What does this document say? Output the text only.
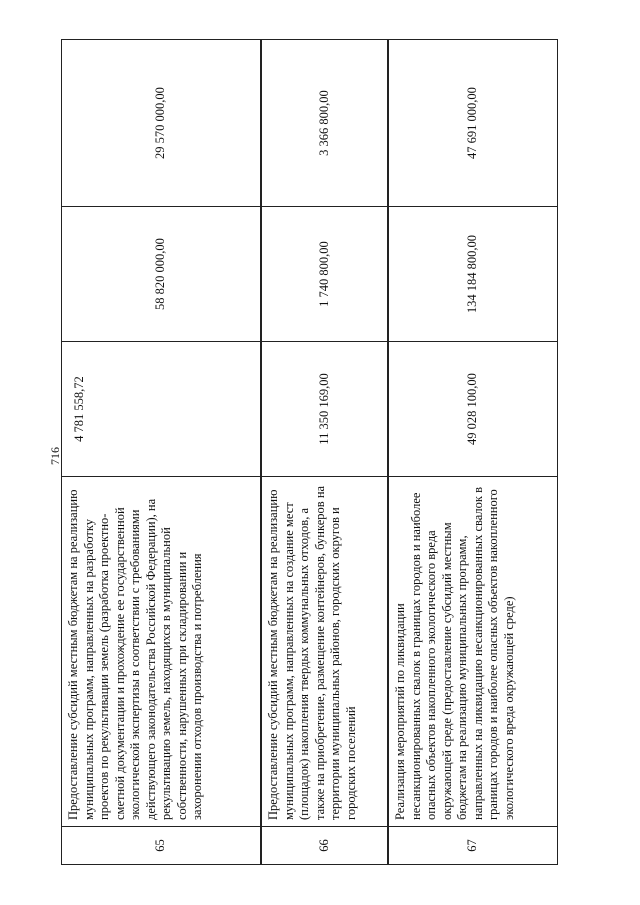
716
65	Предоставление субсидий местным бюджетам на реализацию муниципальных программ, направленных на разработку проектов по рекультивации земель (разработка проектно-сметной документации и прохождение ее государственной экологической экспертизы в соответствии с требованиями действующего законодательства Российской Федерации), на рекультивацию земель, находящихся в муниципальной собственности, нарушенных при складировании и захоронении отходов производства и потребления	4 781 558,72	58 820 000,00	29 570 000,00
66	Предоставление субсидий местным бюджетам на реализацию муниципальных программ, направленных на создание мест (площадок) накопления твердых коммунальных отходов, а также на приобретение, размещение контейнеров, бункеров на территории муниципальных районов, городских округов и городских поселений	11 350 169,00	1 740 800,00	3 366 800,00
67	Реализация мероприятий по ликвидации несанкционированных свалок в границах городов и наиболее опасных объектов накопленного экологического вреда окружающей среде (предоставление субсидий местным бюджетам на реализацию муниципальных программ, направленных на ликвидацию несанкционированных свалок в границах городов и наиболее опасных объектов накопленного экологического вреда окружающей среде)	49 028 100,00	134 184 800,00	47 691 000,00
